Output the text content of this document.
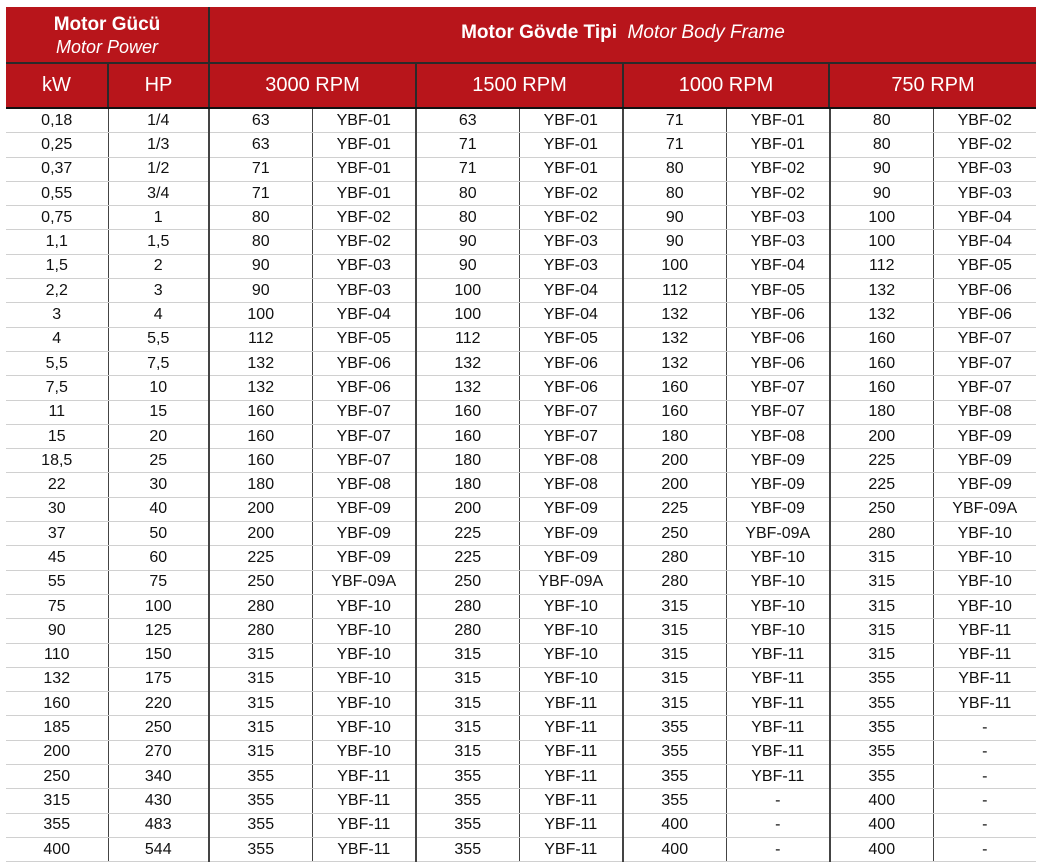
Motor Gücü
Motor Power
Motor Gövde Tipi Motor Body Frame
kW	HP	3000 RPM	1500 RPM	1000 RPM	750 RPM
0,18	1/4	63	YBF-01	63	YBF-01	71	YBF-01	80	YBF-02
0,25	1/3	63	YBF-01	71	YBF-01	71	YBF-01	80	YBF-02
0,37	1/2	71	YBF-01	71	YBF-01	80	YBF-02	90	YBF-03
0,55	3/4	71	YBF-01	80	YBF-02	80	YBF-02	90	YBF-03
0,75	1	80	YBF-02	80	YBF-02	90	YBF-03	100	YBF-04
1,1	1,5	80	YBF-02	90	YBF-03	90	YBF-03	100	YBF-04
1,5	2	90	YBF-03	90	YBF-03	100	YBF-04	112	YBF-05
2,2	3	90	YBF-03	100	YBF-04	112	YBF-05	132	YBF-06
3	4	100	YBF-04	100	YBF-04	132	YBF-06	132	YBF-06
4	5,5	112	YBF-05	112	YBF-05	132	YBF-06	160	YBF-07
5,5	7,5	132	YBF-06	132	YBF-06	132	YBF-06	160	YBF-07
7,5	10	132	YBF-06	132	YBF-06	160	YBF-07	160	YBF-07
11	15	160	YBF-07	160	YBF-07	160	YBF-07	180	YBF-08
15	20	160	YBF-07	160	YBF-07	180	YBF-08	200	YBF-09
18,5	25	160	YBF-07	180	YBF-08	200	YBF-09	225	YBF-09
22	30	180	YBF-08	180	YBF-08	200	YBF-09	225	YBF-09
30	40	200	YBF-09	200	YBF-09	225	YBF-09	250	YBF-09A
37	50	200	YBF-09	225	YBF-09	250	YBF-09A	280	YBF-10
45	60	225	YBF-09	225	YBF-09	280	YBF-10	315	YBF-10
55	75	250	YBF-09A	250	YBF-09A	280	YBF-10	315	YBF-10
75	100	280	YBF-10	280	YBF-10	315	YBF-10	315	YBF-10
90	125	280	YBF-10	280	YBF-10	315	YBF-10	315	YBF-11
110	150	315	YBF-10	315	YBF-10	315	YBF-11	315	YBF-11
132	175	315	YBF-10	315	YBF-10	315	YBF-11	355	YBF-11
160	220	315	YBF-10	315	YBF-11	315	YBF-11	355	YBF-11
185	250	315	YBF-10	315	YBF-11	355	YBF-11	355	-
200	270	315	YBF-10	315	YBF-11	355	YBF-11	355	-
250	340	355	YBF-11	355	YBF-11	355	YBF-11	355	-
315	430	355	YBF-11	355	YBF-11	355	-	400	-
355	483	355	YBF-11	355	YBF-11	400	-	400	-
400	544	355	YBF-11	355	YBF-11	400	-	400	-
